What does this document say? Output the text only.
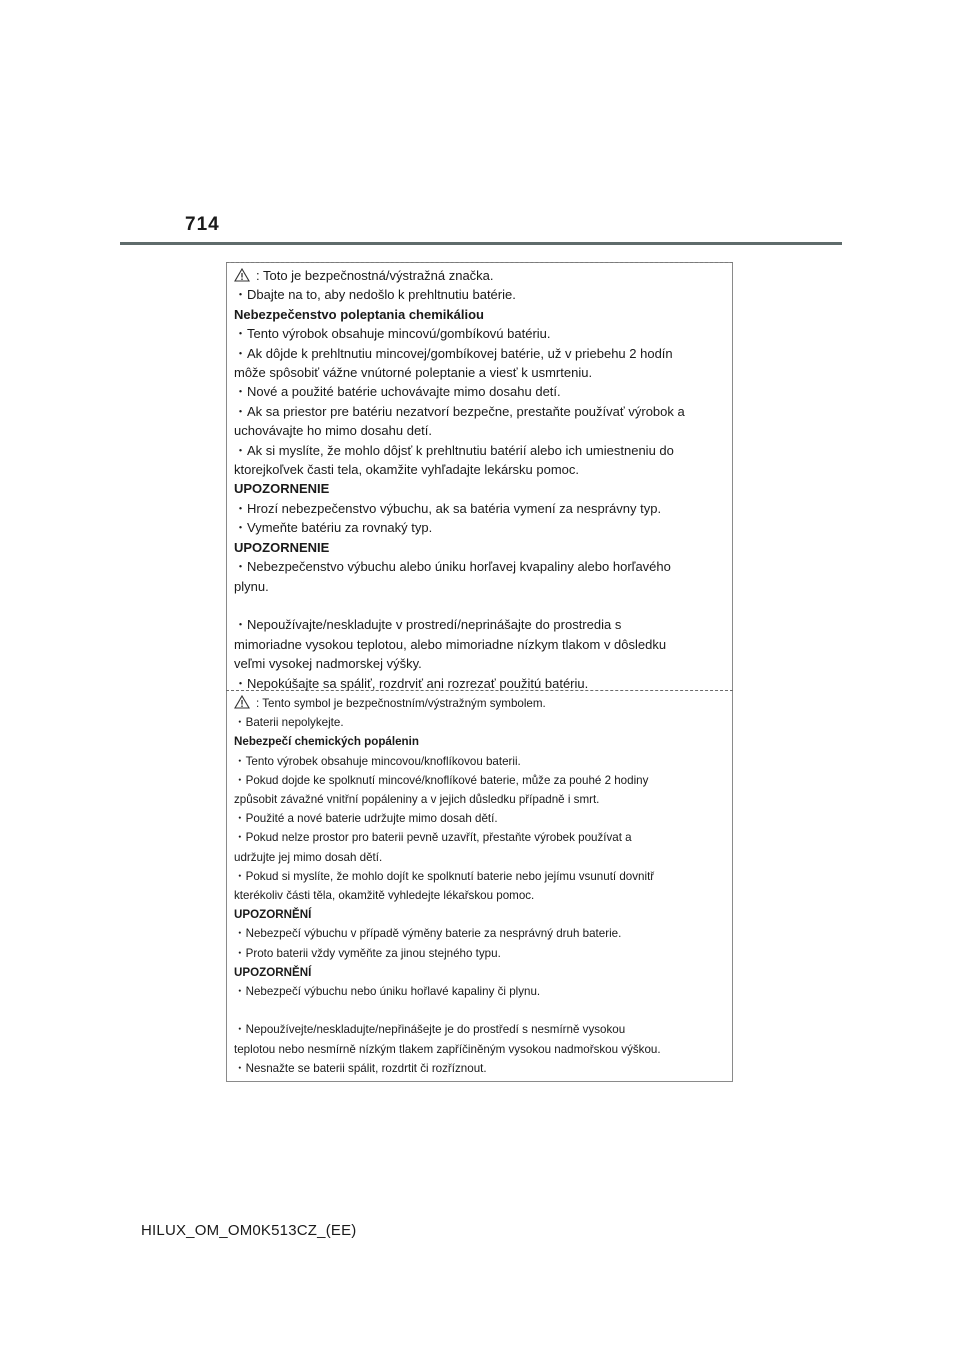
714
: Toto je bezpečnostná/výstražná značka.
・Dbajte na to, aby nedošlo k prehltnutiu batérie.
Nebezpečenstvo poleptania chemikáliou
・Tento výrobok obsahuje mincovú/gombíkovú batériu.
・Ak dôjde k prehltnutiu mincovej/gombíkovej batérie, už v priebehu 2 hodín
môže spôsobiť vážne vnútorné poleptanie a viesť k usmrteniu.
・Nové a použité batérie uchovávajte mimo dosahu detí.
・Ak sa priestor pre batériu nezatvorí bezpečne, prestaňte používať výrobok a
uchovávajte ho mimo dosahu detí.
・Ak si myslíte, že mohlo dôjsť k prehltnutiu batérií alebo ich umiestneniu do
ktorejkoľvek časti tela, okamžite vyhľadajte lekársku pomoc.
UPOZORNENIE
・Hrozí nebezpečenstvo výbuchu, ak sa batéria vymení za nesprávny typ.
・Vymeňte batériu za rovnaký typ.
UPOZORNENIE
・Nebezpečenstvo výbuchu alebo úniku horľavej kvapaliny alebo horľavého
plynu.
・Nepoužívajte/neskladujte v prostredí/neprinášajte do prostredia s
mimoriadne vysokou teplotou, alebo mimoriadne nízkym tlakom v dôsledku
veľmi vysokej nadmorskej výšky.
・Nepokúšajte sa spáliť, rozdrviť ani rozrezať použitú batériu.
: Tento symbol je bezpečnostním/výstražným symbolem.
・Baterii nepolykejte.
Nebezpečí chemických popálenin
・Tento výrobek obsahuje mincovou/knoflíkovou baterii.
・Pokud dojde ke spolknutí mincové/knoflíkové baterie, může za pouhé 2 hodiny
způsobit závažné vnitřní popáleniny a v jejich důsledku případně i smrt.
・Použité a nové baterie udržujte mimo dosah dětí.
・Pokud nelze prostor pro baterii pevně uzavřít, přestaňte výrobek používat a
udržujte jej mimo dosah dětí.
・Pokud si myslíte, že mohlo dojít ke spolknutí baterie nebo jejímu vsunutí dovnitř
kterékoliv části těla, okamžitě vyhledejte lékařskou pomoc.
UPOZORNĚNÍ
・Nebezpečí výbuchu v případě výměny baterie za nesprávný druh baterie.
・Proto baterii vždy vyměňte za jinou stejného typu.
UPOZORNĚNÍ
・Nebezpečí výbuchu nebo úniku hořlavé kapaliny či plynu.
・Nepoužívejte/neskladujte/nepřinášejte je do prostředí s nesmírně vysokou
teplotou nebo nesmírně nízkým tlakem zapříčiněným vysokou nadmořskou výškou.
・Nesnažte se baterii spálit, rozdrtit či rozříznout.
HILUX_OM_OM0K513CZ_(EE)
